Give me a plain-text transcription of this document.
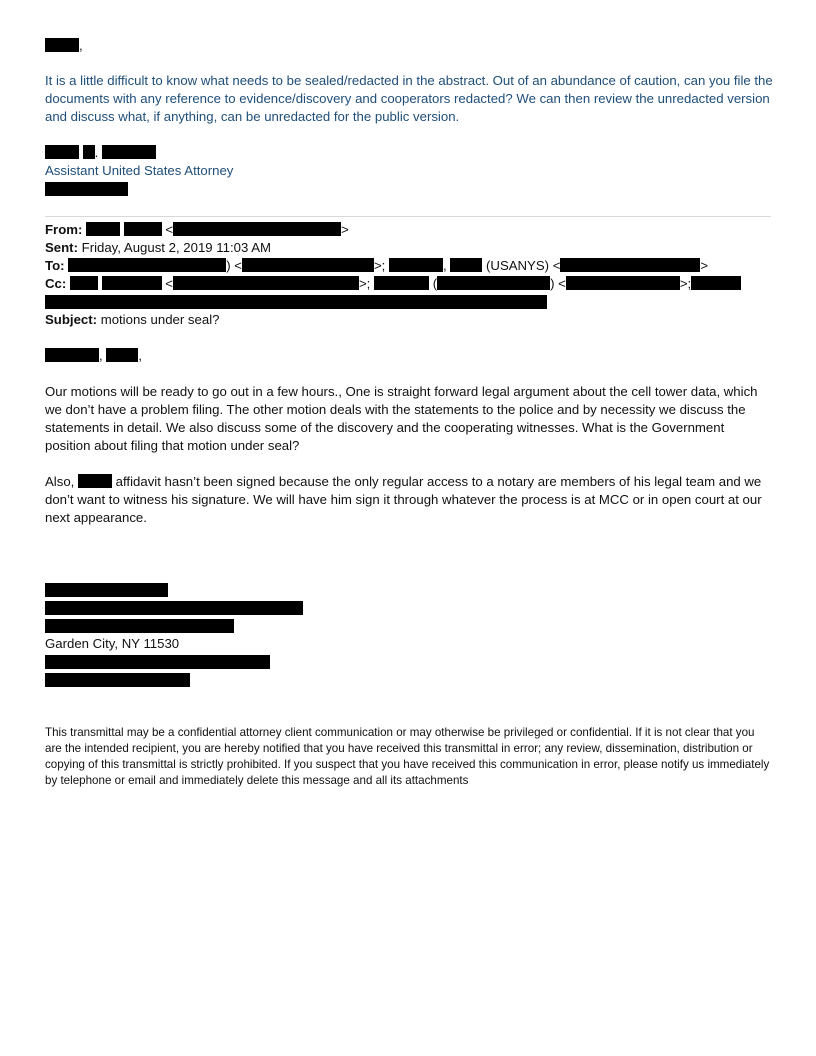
,
It is a little difficult to know what needs to be sealed/redacted in the abstract. Out of an abundance of caution, can you file the documents with any reference to evidence/discovery and cooperators redacted? We can then review the unredacted version and discuss what, if anything, can be unredacted for the public version.
.
Assistant United States Attorney
From:	<	>
Sent: Friday, August 2, 2019 11:03 AM
To:	) <	>;	,	(USANYS) <	>
Cc:	<	>;	(	) <	>;
Subject: motions under seal?
,	,
Our motions will be ready to go out in a few hours., One is straight forward legal argument about the cell tower data, which we don’t have a problem filing. The other motion deals with the statements to the police and by necessity we discuss the statements in detail. We also discuss some of the discovery and the cooperating witnesses. What is the Government position about filing that motion under seal?
Also,	affidavit hasn’t been signed because the only regular access to a notary are members of his legal team and we don’t want to witness his signature. We will have him sign it through whatever the process is at MCC or in open court at our next appearance.
Garden City, NY 11530
This transmittal may be a confidential attorney client communication or may otherwise be privileged or confidential. If it is not clear that you are the intended recipient, you are hereby notified that you have received this transmittal in error; any review, dissemination, distribution or copying of this transmittal is strictly prohibited. If you suspect that you have received this communication in error, please notify us immediately by telephone or email and immediately delete this message and all its attachments
